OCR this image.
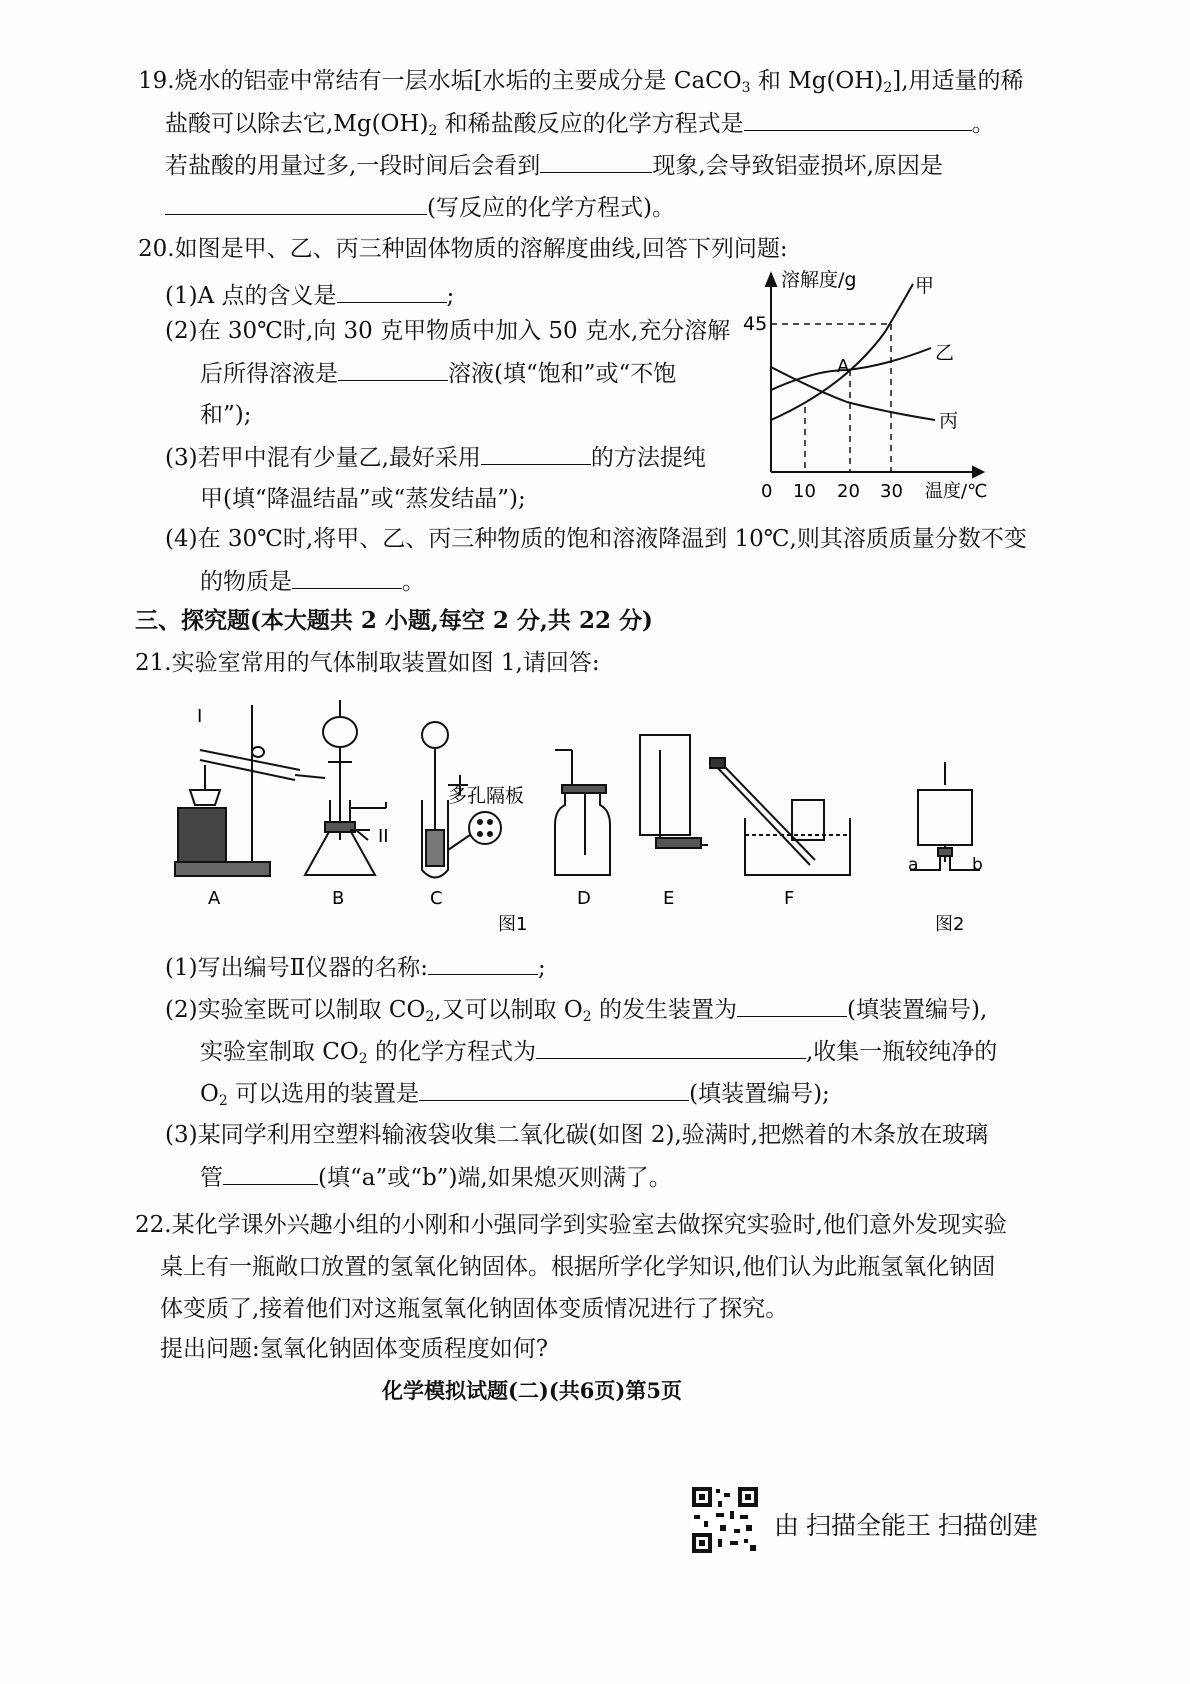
19.烧水的铝壶中常结有一层水垢[水垢的主要成分是 CaCO$_3$ 和 $Mg(OH)_2$],用适量的稀
盐酸可以除去它$,Mg(OH)_2$ 和稀盐酸反应的化学方程式是	。
若盐酸的用量过多,一段时间后会看到	现象,会导致铝壶损坏,原因是
(写反应的化学方程式)。
20.如图是甲、乙、丙三种固体物质的溶解度曲线,回答下列问题:
(1)A 点的含义是	;
(2)在 30℃时,向 30 克甲物质中加入 50 克水,充分溶解
后所得溶液是	溶液(填“饱和”或“不饱
和”);
(3)若甲中混有少量乙,最好采用	的方法提纯
甲(填“降温结晶”或“蒸发结晶”);
(4)在 30℃时,将甲、乙、丙三种物质的饱和溶液降温到 10℃,则其溶质质量分数不变
的物质是	。
45
溶解度/g	甲
乙
丙
A
0 10 20 30 温度/℃
三、探究题(本大题共 2 小题,每空 2 分,共 22 分)
21.实验室常用的气体制取装置如图 1,请回答:
I
II
多孔隔板
A	B	C	D	E	F
图1	图2
a	b
(1)写出编号Ⅱ仪器的名称:	;
(2)实验室既可以制取 $CO_2$,又可以制取 $O_2$ 的发生装置为	(填装置编号),
实验室制取 $CO_2$ 的化学方程式为	,收集一瓶较纯净的
$O_2$ 可以选用的装置是	(填装置编号);
(3)某同学利用空塑料输液袋收集二氧化碳(如图 2),验满时,把燃着的木条放在玻璃
管	(填“a”或“b”)端,如果熄灭则满了。
22.某化学课外兴趣小组的小刚和小强同学到实验室去做探究实验时,他们意外发现实验
桌上有一瓶敞口放置的氢氧化钠固体。根据所学化学知识,他们认为此瓶氢氧化钠固
体变质了,接着他们对这瓶氢氧化钠固体变质情况进行了探究。
提出问题:氢氧化钠固体变质程度如何?
化学模拟试题(二)(共6页)第5页
由 扫描全能王 扫描创建
